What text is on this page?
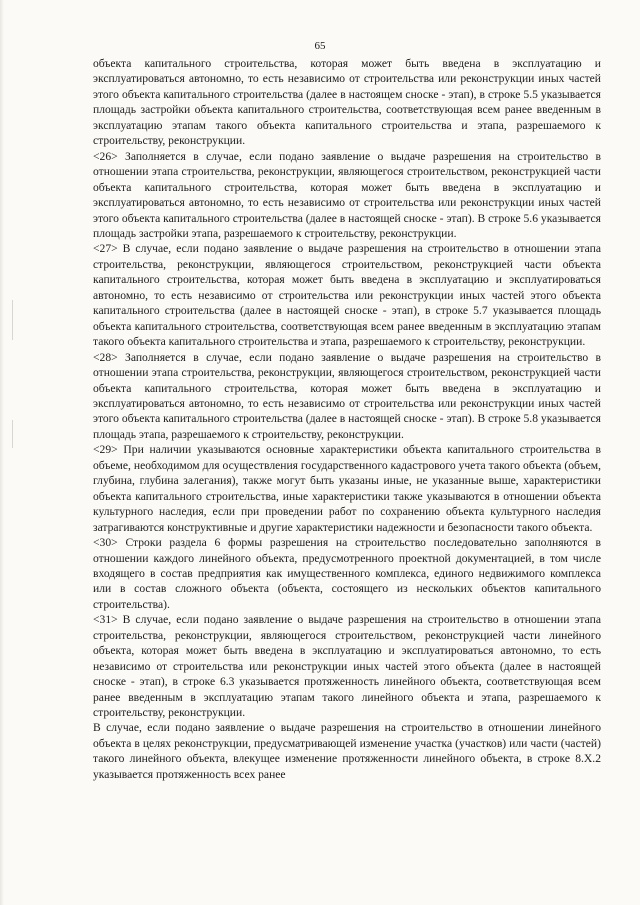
65

объекта капитального строительства, которая может быть введена в эксплуатацию и эксплуатироваться автономно, то есть независимо от строительства или реконструкции иных частей этого объекта капитального строительства (далее в настоящем сноске - этап), в строке 5.5 указывается площадь застройки объекта капитального строительства, соответствующая всем ранее введенным в эксплуатацию этапам такого объекта капитального строительства и этапа, разрешаемого к строительству, реконструкции.

<26> Заполняется в случае, если подано заявление о выдаче разрешения на строительство в отношении этапа строительства, реконструкции, являющегося строительством, реконструкцией части объекта капитального строительства, которая может быть введена в эксплуатацию и эксплуатироваться автономно, то есть независимо от строительства или реконструкции иных частей этого объекта капитального строительства (далее в настоящей сноске - этап). В строке 5.6 указывается площадь застройки этапа, разрешаемого к строительству, реконструкции.

<27> В случае, если подано заявление о выдаче разрешения на строительство в отношении этапа строительства, реконструкции, являющегося строительством, реконструкцией части объекта капитального строительства, которая может быть введена в эксплуатацию и эксплуатироваться автономно, то есть независимо от строительства или реконструкции иных частей этого объекта капитального строительства (далее в настоящей сноске - этап), в строке 5.7 указывается площадь объекта капитального строительства, соответствующая всем ранее введенным в эксплуатацию этапам такого объекта капитального строительства и этапа, разрешаемого к строительству, реконструкции.

<28> Заполняется в случае, если подано заявление о выдаче разрешения на строительство в отношении этапа строительства, реконструкции, являющегося строительством, реконструкцией части объекта капитального строительства, которая может быть введена в эксплуатацию и эксплуатироваться автономно, то есть независимо от строительства или реконструкции иных частей этого объекта капитального строительства (далее в настоящей сноске - этап). В строке 5.8 указывается площадь этапа, разрешаемого к строительству, реконструкции.

<29> При наличии указываются основные характеристики объекта капитального строительства в объеме, необходимом для осуществления государственного кадастрового учета такого объекта (объем, глубина, глубина залегания), также могут быть указаны иные, не указанные выше, характеристики объекта капитального строительства, иные характеристики также указываются в отношении объекта культурного наследия, если при проведении работ по сохранению объекта культурного наследия затрагиваются конструктивные и другие характеристики надежности и безопасности такого объекта.

<30> Строки раздела 6 формы разрешения на строительство последовательно заполняются в отношении каждого линейного объекта, предусмотренного проектной документацией, в том числе входящего в состав предприятия как имущественного комплекса, единого недвижимого комплекса или в состав сложного объекта (объекта, состоящего из нескольких объектов капитального строительства).

<31> В случае, если подано заявление о выдаче разрешения на строительство в отношении этапа строительства, реконструкции, являющегося строительством, реконструкцией части линейного объекта, которая может быть введена в эксплуатацию и эксплуатироваться автономно, то есть независимо от строительства или реконструкции иных частей этого объекта (далее в настоящей сноске - этап), в строке 6.3 указывается протяженность линейного объекта, соответствующая всем ранее введенным в эксплуатацию этапам такого линейного объекта и этапа, разрешаемого к строительству, реконструкции.

В случае, если подано заявление о выдаче разрешения на строительство в отношении линейного объекта в целях реконструкции, предусматривающей изменение участка (участков) или части (частей) такого линейного объекта, влекущее изменение протяженности линейного объекта, в строке 8.Х.2 указывается протяженность всех ранее
